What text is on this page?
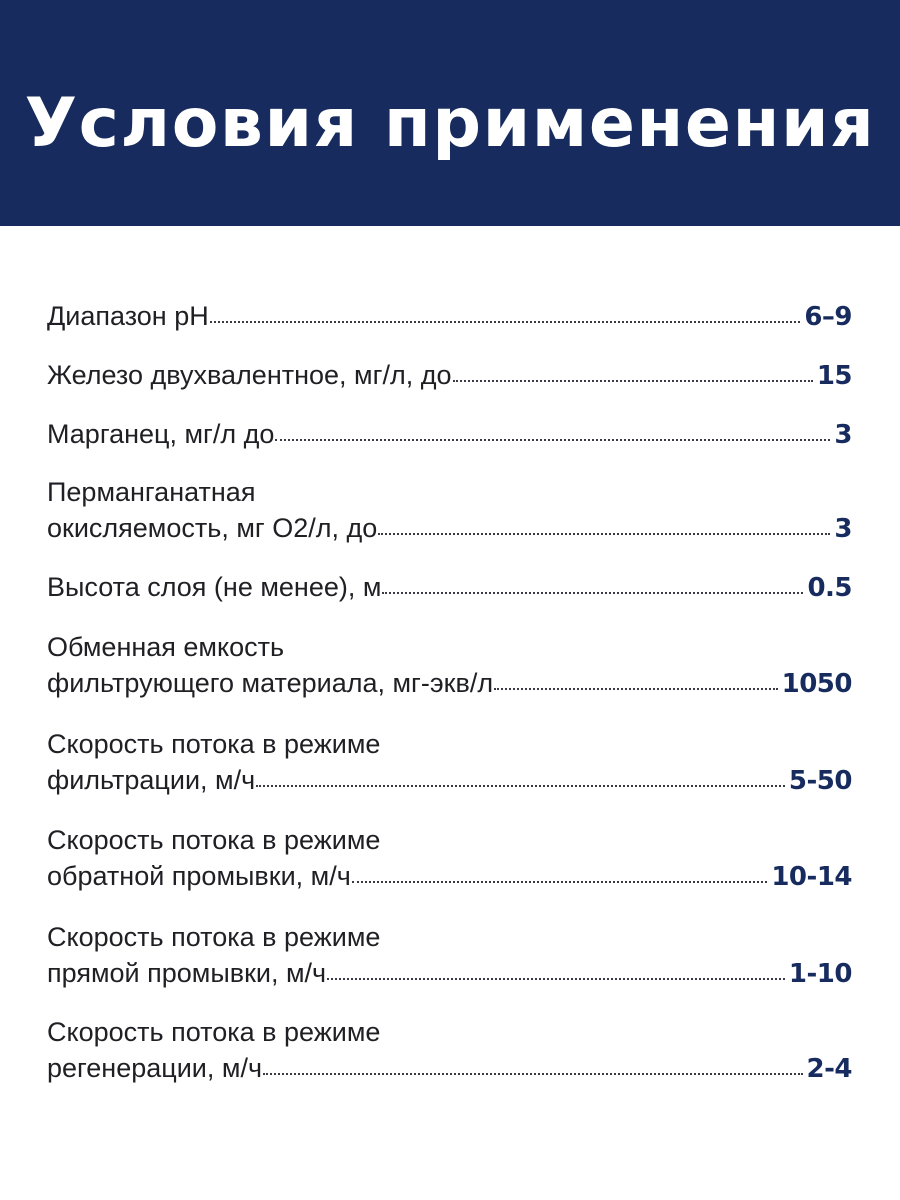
Условия применения
Диапазон pH	6–9
Железо двухвалентное, мг/л, до	15
Марганец, мг/л до	3
Перманганатная
окисляемость, мг O2/л, до	3
Высота слоя (не менее), м	0.5
Обменная емкость
фильтрующего материала, мг-экв/л	1050
Скорость потока в режиме
фильтрации, м/ч	5-50
Скорость потока в режиме
обратной промывки, м/ч	10-14
Скорость потока в режиме
прямой промывки, м/ч	1-10
Скорость потока в режиме
регенерации, м/ч	2-4
